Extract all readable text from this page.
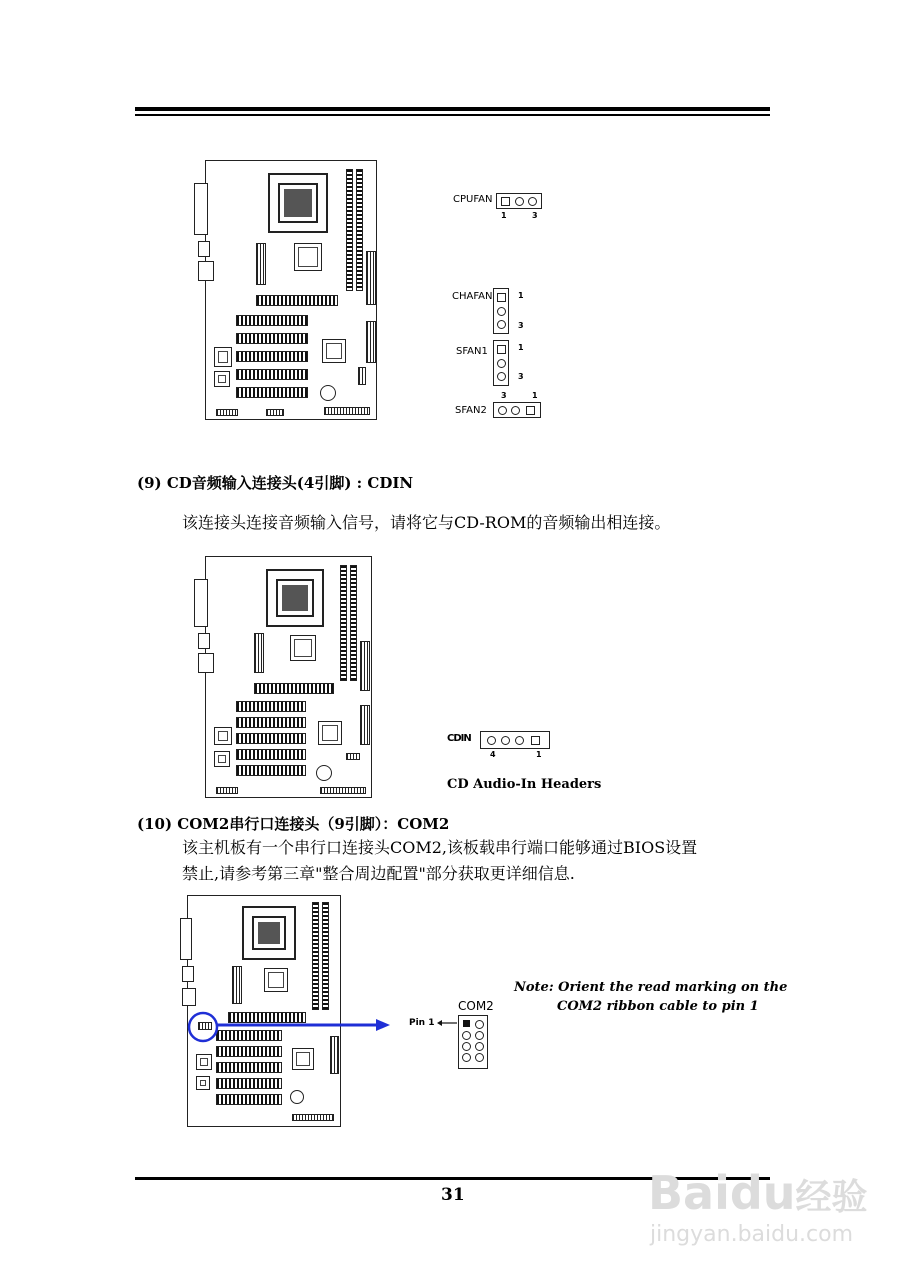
CPUFAN
1	3
CHAFAN	1
3
SFAN1	1
3
3	1
SFAN2
(9) CD音频输入连接头(4引脚) : CDIN
该连接头连接音频输入信号，请将它与CD-ROM的音频输出相连接。
CDIN
4	1
CD Audio-In Headers
(10) COM2串行口连接头（9引脚）：COM2
该主机板有一个串行口连接头COM2,该板载串行端口能够通过BIOS设置
禁止,请参考第三章"整合周边配置"部分获取更详细信息.
Note: Orient the read marking on the
COM2 ribbon cable to pin 1
COM2
Pin 1
31	Baidu经验
jingyan.baidu.com
